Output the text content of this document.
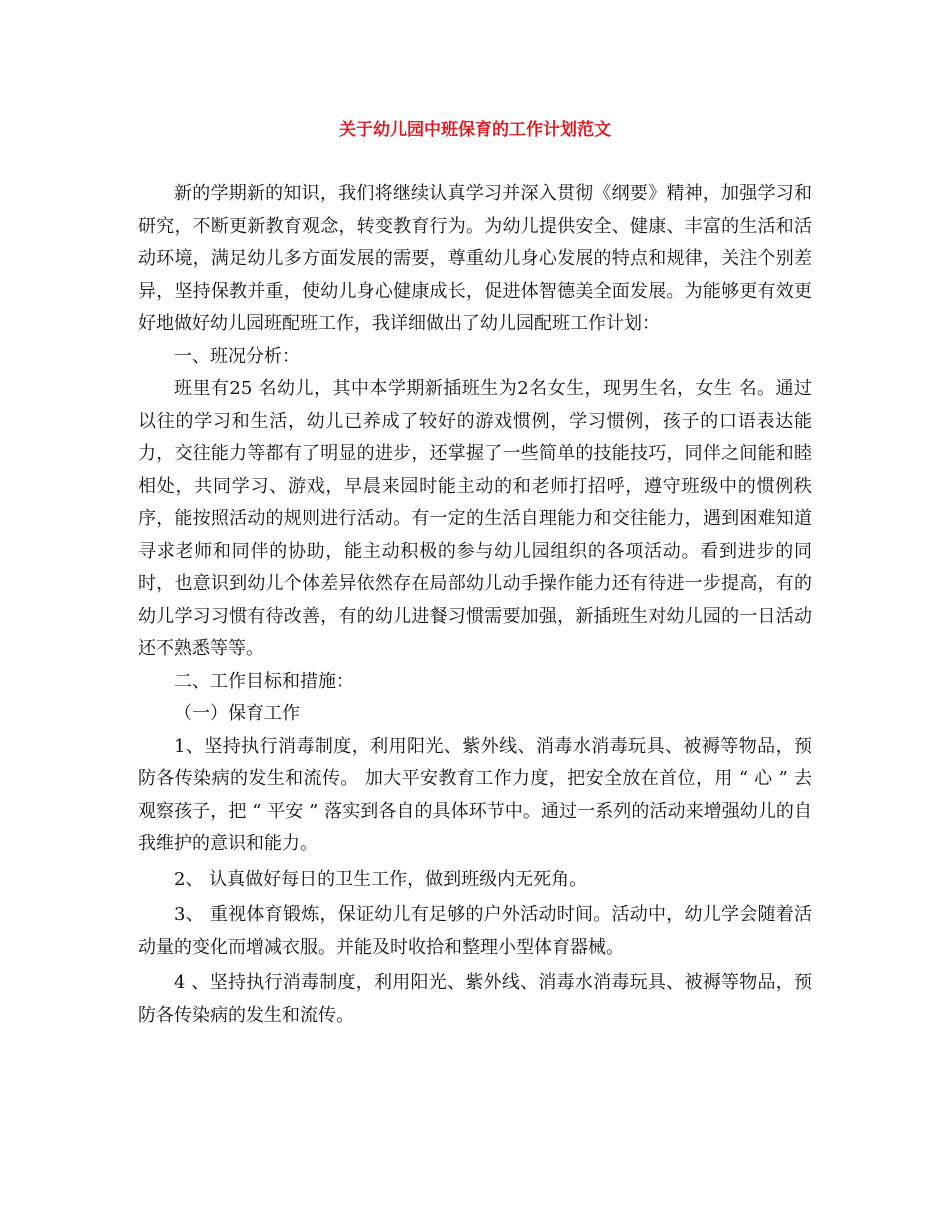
关于幼儿园中班保育的工作计划范文

新的学期新的知识，我们将继续认真学习并深入贯彻《纲要》精神，加强学习和研究，不断更新教育观念，转变教育行为。为幼儿提供安全、健康、丰富的生活和活动环境，满足幼儿多方面发展的需要，尊重幼儿身心发展的特点和规律，关注个别差异，坚持保教并重，使幼儿身心健康成长，促进体智德美全面发展。为能够更有效更好地做好幼儿园班配班工作，我详细做出了幼儿园配班工作计划：

一、班况分析：

班里有25 名幼儿，其中本学期新插班生为2名女生，现男生名，女生 名。通过以往的学习和生活，幼儿已养成了较好的游戏惯例，学习惯例，孩子的口语表达能力，交往能力等都有了明显的进步，还掌握了一些简单的技能技巧，同伴之间能和睦相处，共同学习、游戏，早晨来园时能主动的和老师打招呼，遵守班级中的惯例秩序，能按照活动的规则进行活动。有一定的生活自理能力和交往能力，遇到困难知道寻求老师和同伴的协助，能主动积极的参与幼儿园组织的各项活动。看到进步的同时，也意识到幼儿个体差异依然存在局部幼儿动手操作能力还有待进一步提高，有的幼儿学习习惯有待改善，有的幼儿进餐习惯需要加强，新插班生对幼儿园的一日活动还不熟悉等等。

二、工作目标和措施：

（一）保育工作

1、坚持执行消毒制度，利用阳光、紫外线、消毒水消毒玩具、被褥等物品，预防各传染病的发生和流传。 加大平安教育工作力度，把安全放在首位，用 “ 心 ” 去观察孩子，把 “ 平安 ” 落实到各自的具体环节中。通过一系列的活动来增强幼儿的自我维护的意识和能力。

2、 认真做好每日的卫生工作，做到班级内无死角。

3、 重视体育锻炼，保证幼儿有足够的户外活动时间。活动中，幼儿学会随着活动量的变化而增减衣服。并能及时收拾和整理小型体育器械。

4 、坚持执行消毒制度，利用阳光、紫外线、消毒水消毒玩具、被褥等物品，预防各传染病的发生和流传。
